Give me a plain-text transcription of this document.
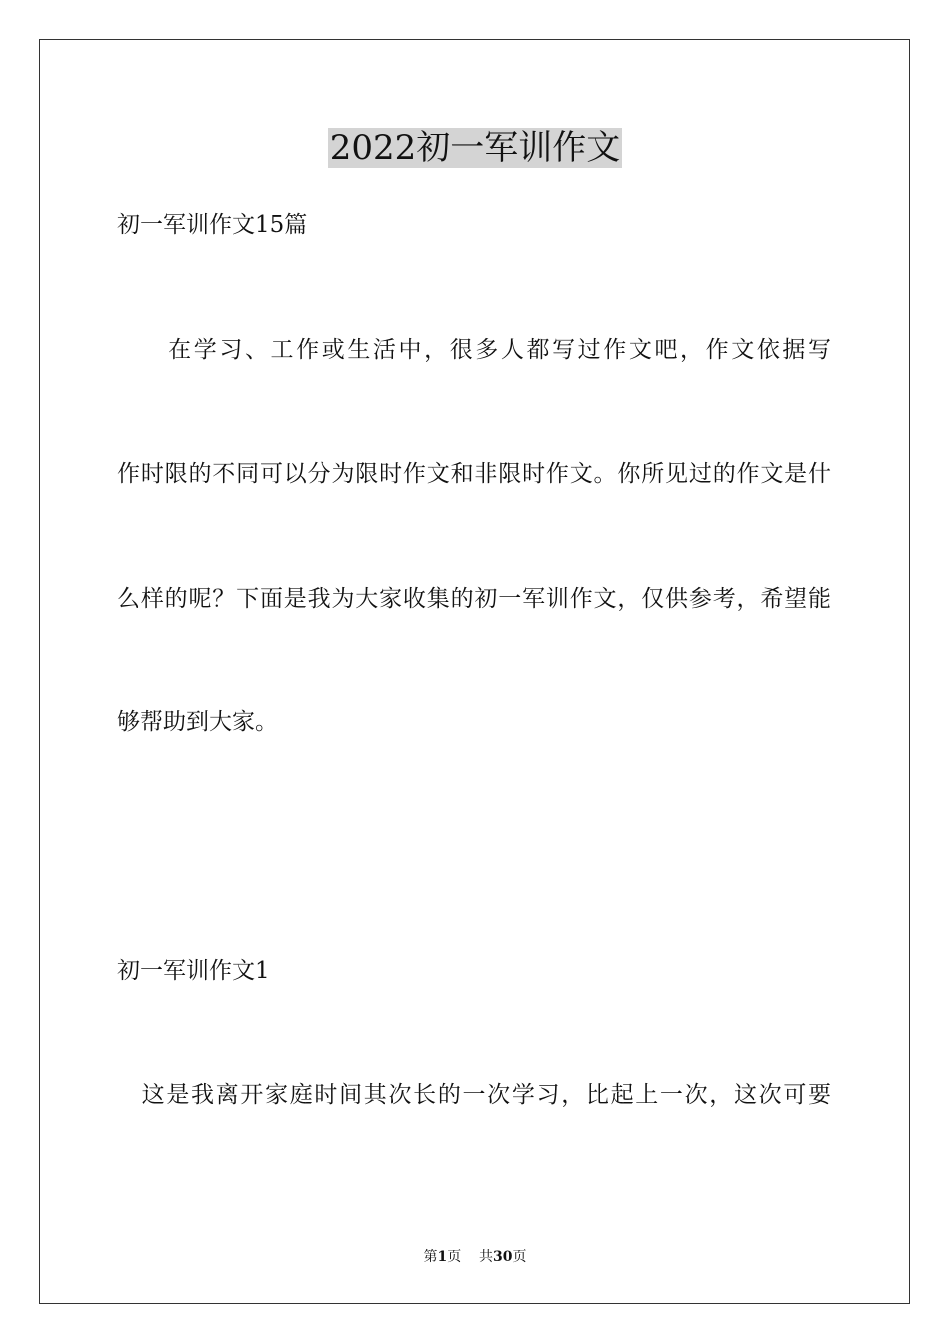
2022初一军训作文
初一军训作文15篇
　　在学习、工作或生活中，很多人都写过作文吧，作文依据写
作时限的不同可以分为限时作文和非限时作文。你所见过的作文是什
么样的呢？下面是我为大家收集的初一军训作文，仅供参考，希望能
够帮助到大家。
初一军训作文1
　这是我离开家庭时间其次长的一次学习，比起上一次，这次可要
第1页 共30页
